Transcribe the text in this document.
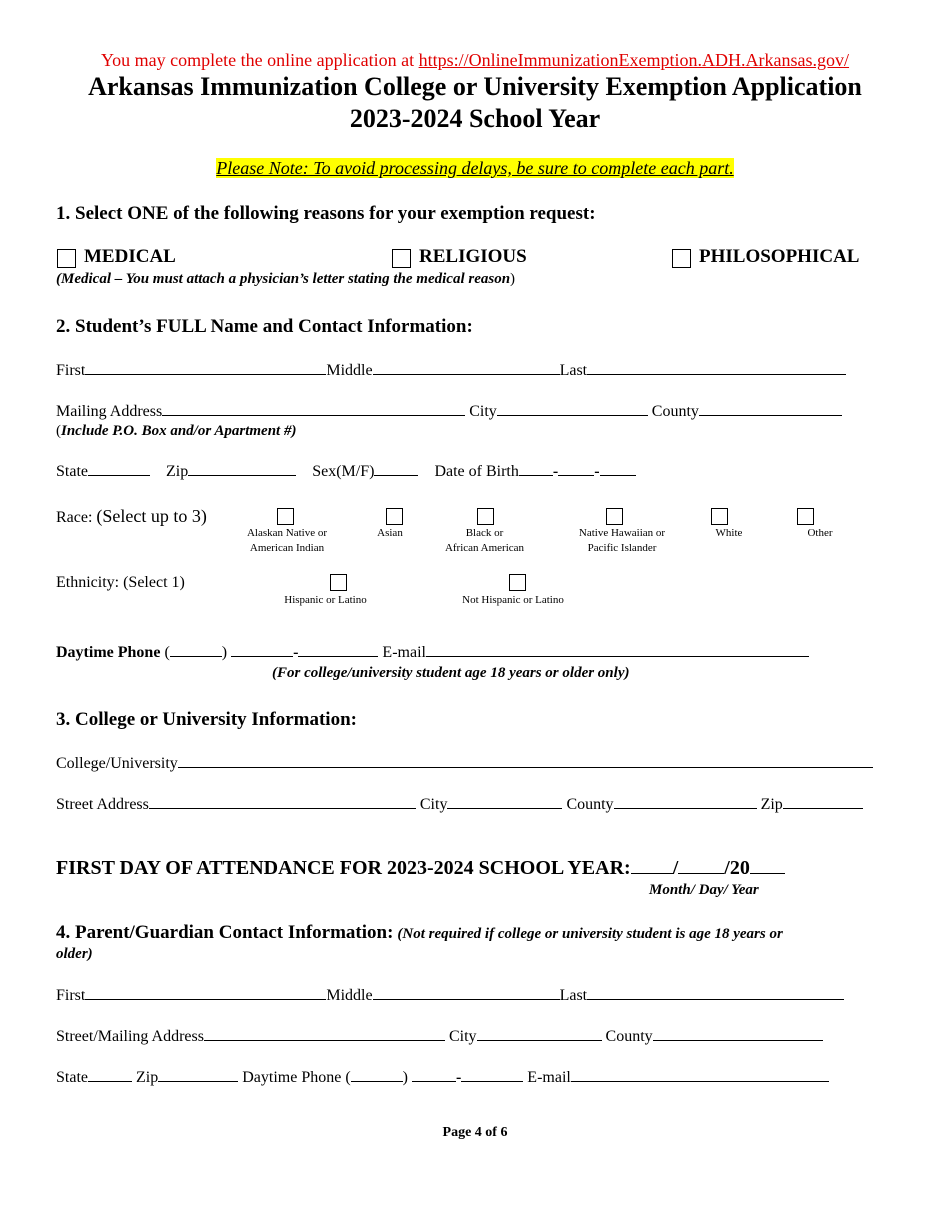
You may complete the online application at https://OnlineImmunizationExemption.ADH.Arkansas.gov/
Arkansas Immunization College or University Exemption Application
2023-2024 School Year
Please Note: To avoid processing delays, be sure to complete each part.
1. Select ONE of the following reasons for your exemption request:
MEDICAL	RELIGIOUS	PHILOSOPHICAL
(Medical – You must attach a physician’s letter stating the medical reason)
2. Student’s FULL Name and Contact Information:
First	Middle	Last
Mailing Address	City	County
(Include P.O. Box and/or Apartment #)
State	Zip	Sex(M/F)	Date of Birth - -
Race: (Select up to 3)
Alaskan Native or
American Indian
Asian	Black or
African American
Native Hawaiian or
Pacific Islander
White	Other
Ethnicity: (Select 1)
Hispanic or Latino	Not Hispanic or Latino
Daytime Phone (	)	-	E-mail
(For college/university student age 18 years or older only)
3. College or University Information:
College/University
Street Address	City	County	Zip
FIRST DAY OF ATTENDANCE FOR 2023-2024 SCHOOL YEAR: / /20
Month/ Day/ Year
4. Parent/Guardian Contact Information: (Not required if college or university student is age 18 years or
older)
First	Middle	Last
Street/Mailing Address	City	County
State	Zip	Daytime Phone (	)	-	E-mail
Page 4 of 6
